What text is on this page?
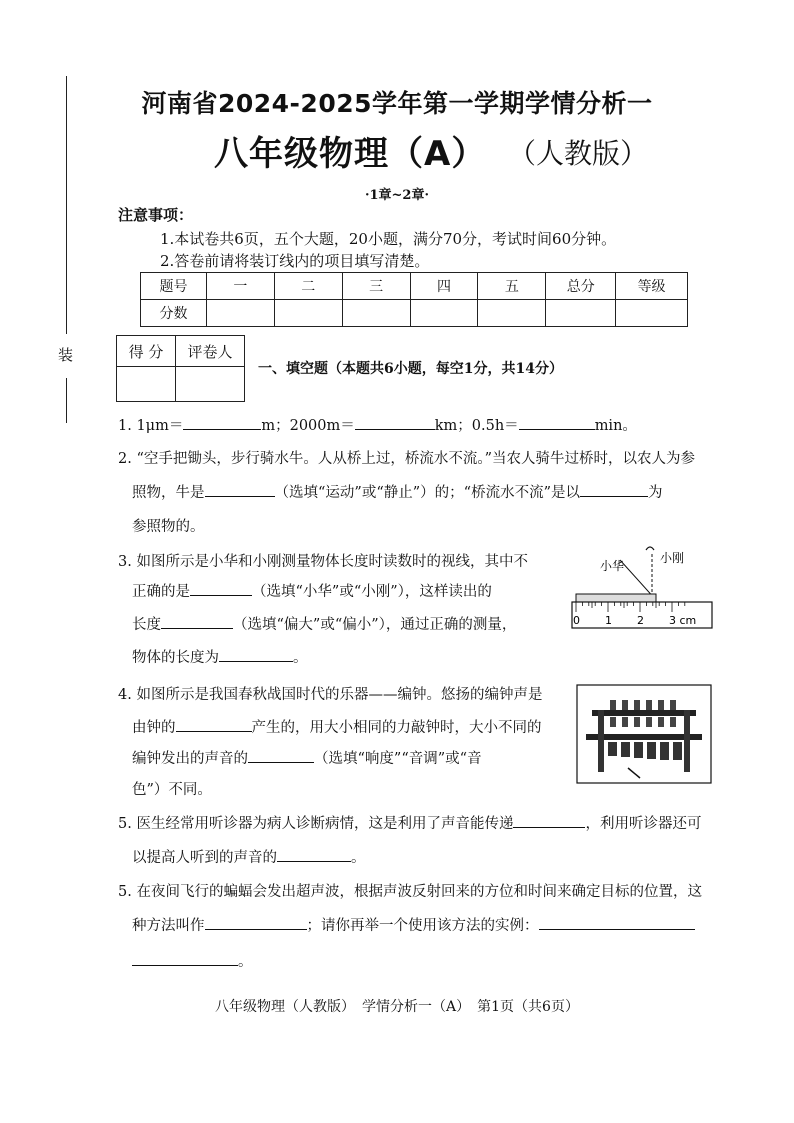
装
河南省2024-2025学年第一学期学情分析一
八年级物理（A） （人教版）
·1章~2章·
注意事项：
1.本试卷共6页，五个大题，20小题，满分70分，考试时间60分钟。
2.答卷前请将装订线内的项目填写清楚。
题号	一	二	三	四	五	总分	等级
分数							
得 分	评卷人

一、填空题（本题共6小题，每空1分，共14分）
1. 1μm＝	m；2000m＝	km；0.5h＝	min。
2. “空手把锄头，步行骑水牛。人从桥上过，桥流水不流。”当农人骑牛过桥时，以农人为参
照物，牛是	（选填“运动”或“静止”）的；“桥流水不流”是以	为
参照物的。
3. 如图所示是小华和小刚测量物体长度时读数时的视线，其中不
正确的是	（选填“小华”或“小刚”），这样读出的
长度	（选填“偏大”或“偏小”），通过正确的测量，
物体的长度为	。
小华
小刚
0 1 2 3 cm
4. 如图所示是我国春秋战国时代的乐器——编钟。悠扬的编钟声是
由钟的	产生的，用大小相同的力敲钟时，大小不同的
编钟发出的声音的	（选填“响度”“音调”或“音
色”）不同。
5. 医生经常用听诊器为病人诊断病情，这是利用了声音能传递	，利用听诊器还可
以提高人听到的声音的	。
5. 在夜间飞行的蝙蝠会发出超声波，根据声波反射回来的方位和时间来确定目标的位置，这
种方法叫作	；请你再举一个使用该方法的实例：
。
八年级物理（人教版）　学情分析一（A）　第1页（共6页）
